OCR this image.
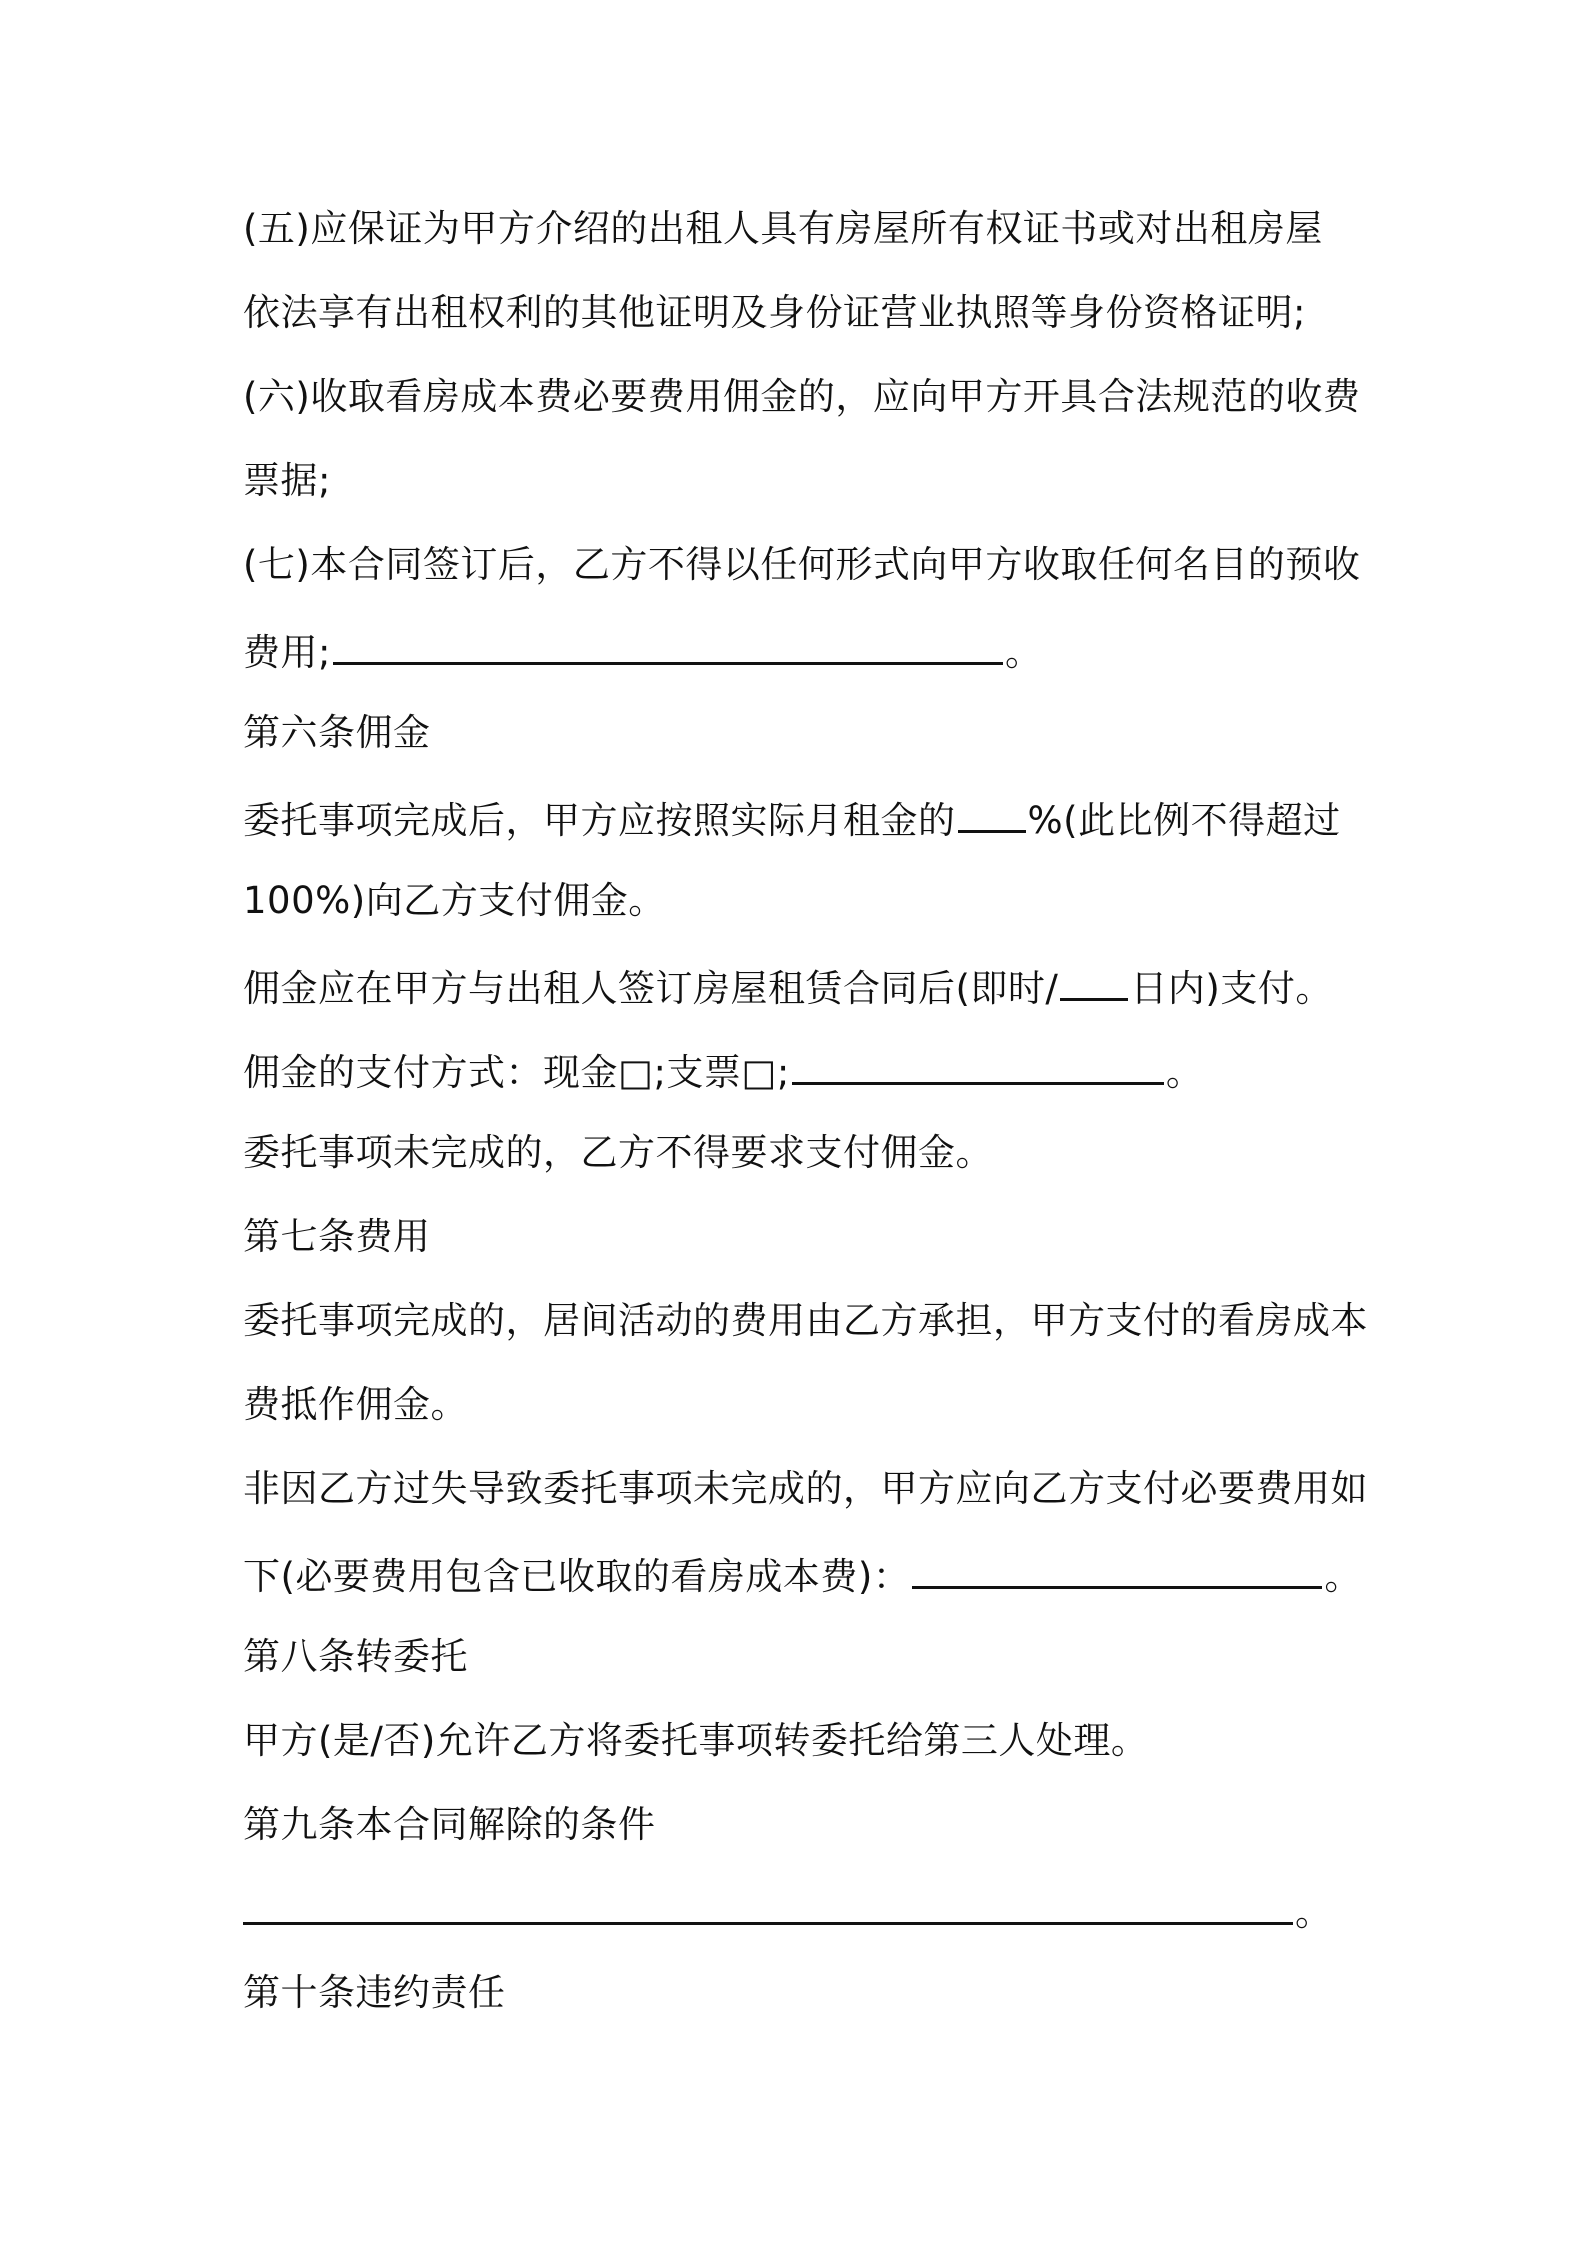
(五)应保证为甲方介绍的出租人具有房屋所有权证书或对出租房屋
依法享有出租权利的其他证明及身份证营业执照等身份资格证明;
(六)收取看房成本费必要费用佣金的，应向甲方开具合法规范的收费
票据;
(七)本合同签订后，乙方不得以任何形式向甲方收取任何名目的预收
费用;	。
第六条佣金
委托事项完成后，甲方应按照实际月租金的 %(此比例不得超过
100%)向乙方支付佣金。
佣金应在甲方与出租人签订房屋租赁合同后(即时/ 日内)支付。
佣金的支付方式：现金□;支票□;	。
委托事项未完成的，乙方不得要求支付佣金。
第七条费用
委托事项完成的，居间活动的费用由乙方承担，甲方支付的看房成本
费抵作佣金。
非因乙方过失导致委托事项未完成的，甲方应向乙方支付必要费用如
下(必要费用包含已收取的看房成本费)：	。
第八条转委托
甲方(是/否)允许乙方将委托事项转委托给第三人处理。
第九条本合同解除的条件
。
第十条违约责任
